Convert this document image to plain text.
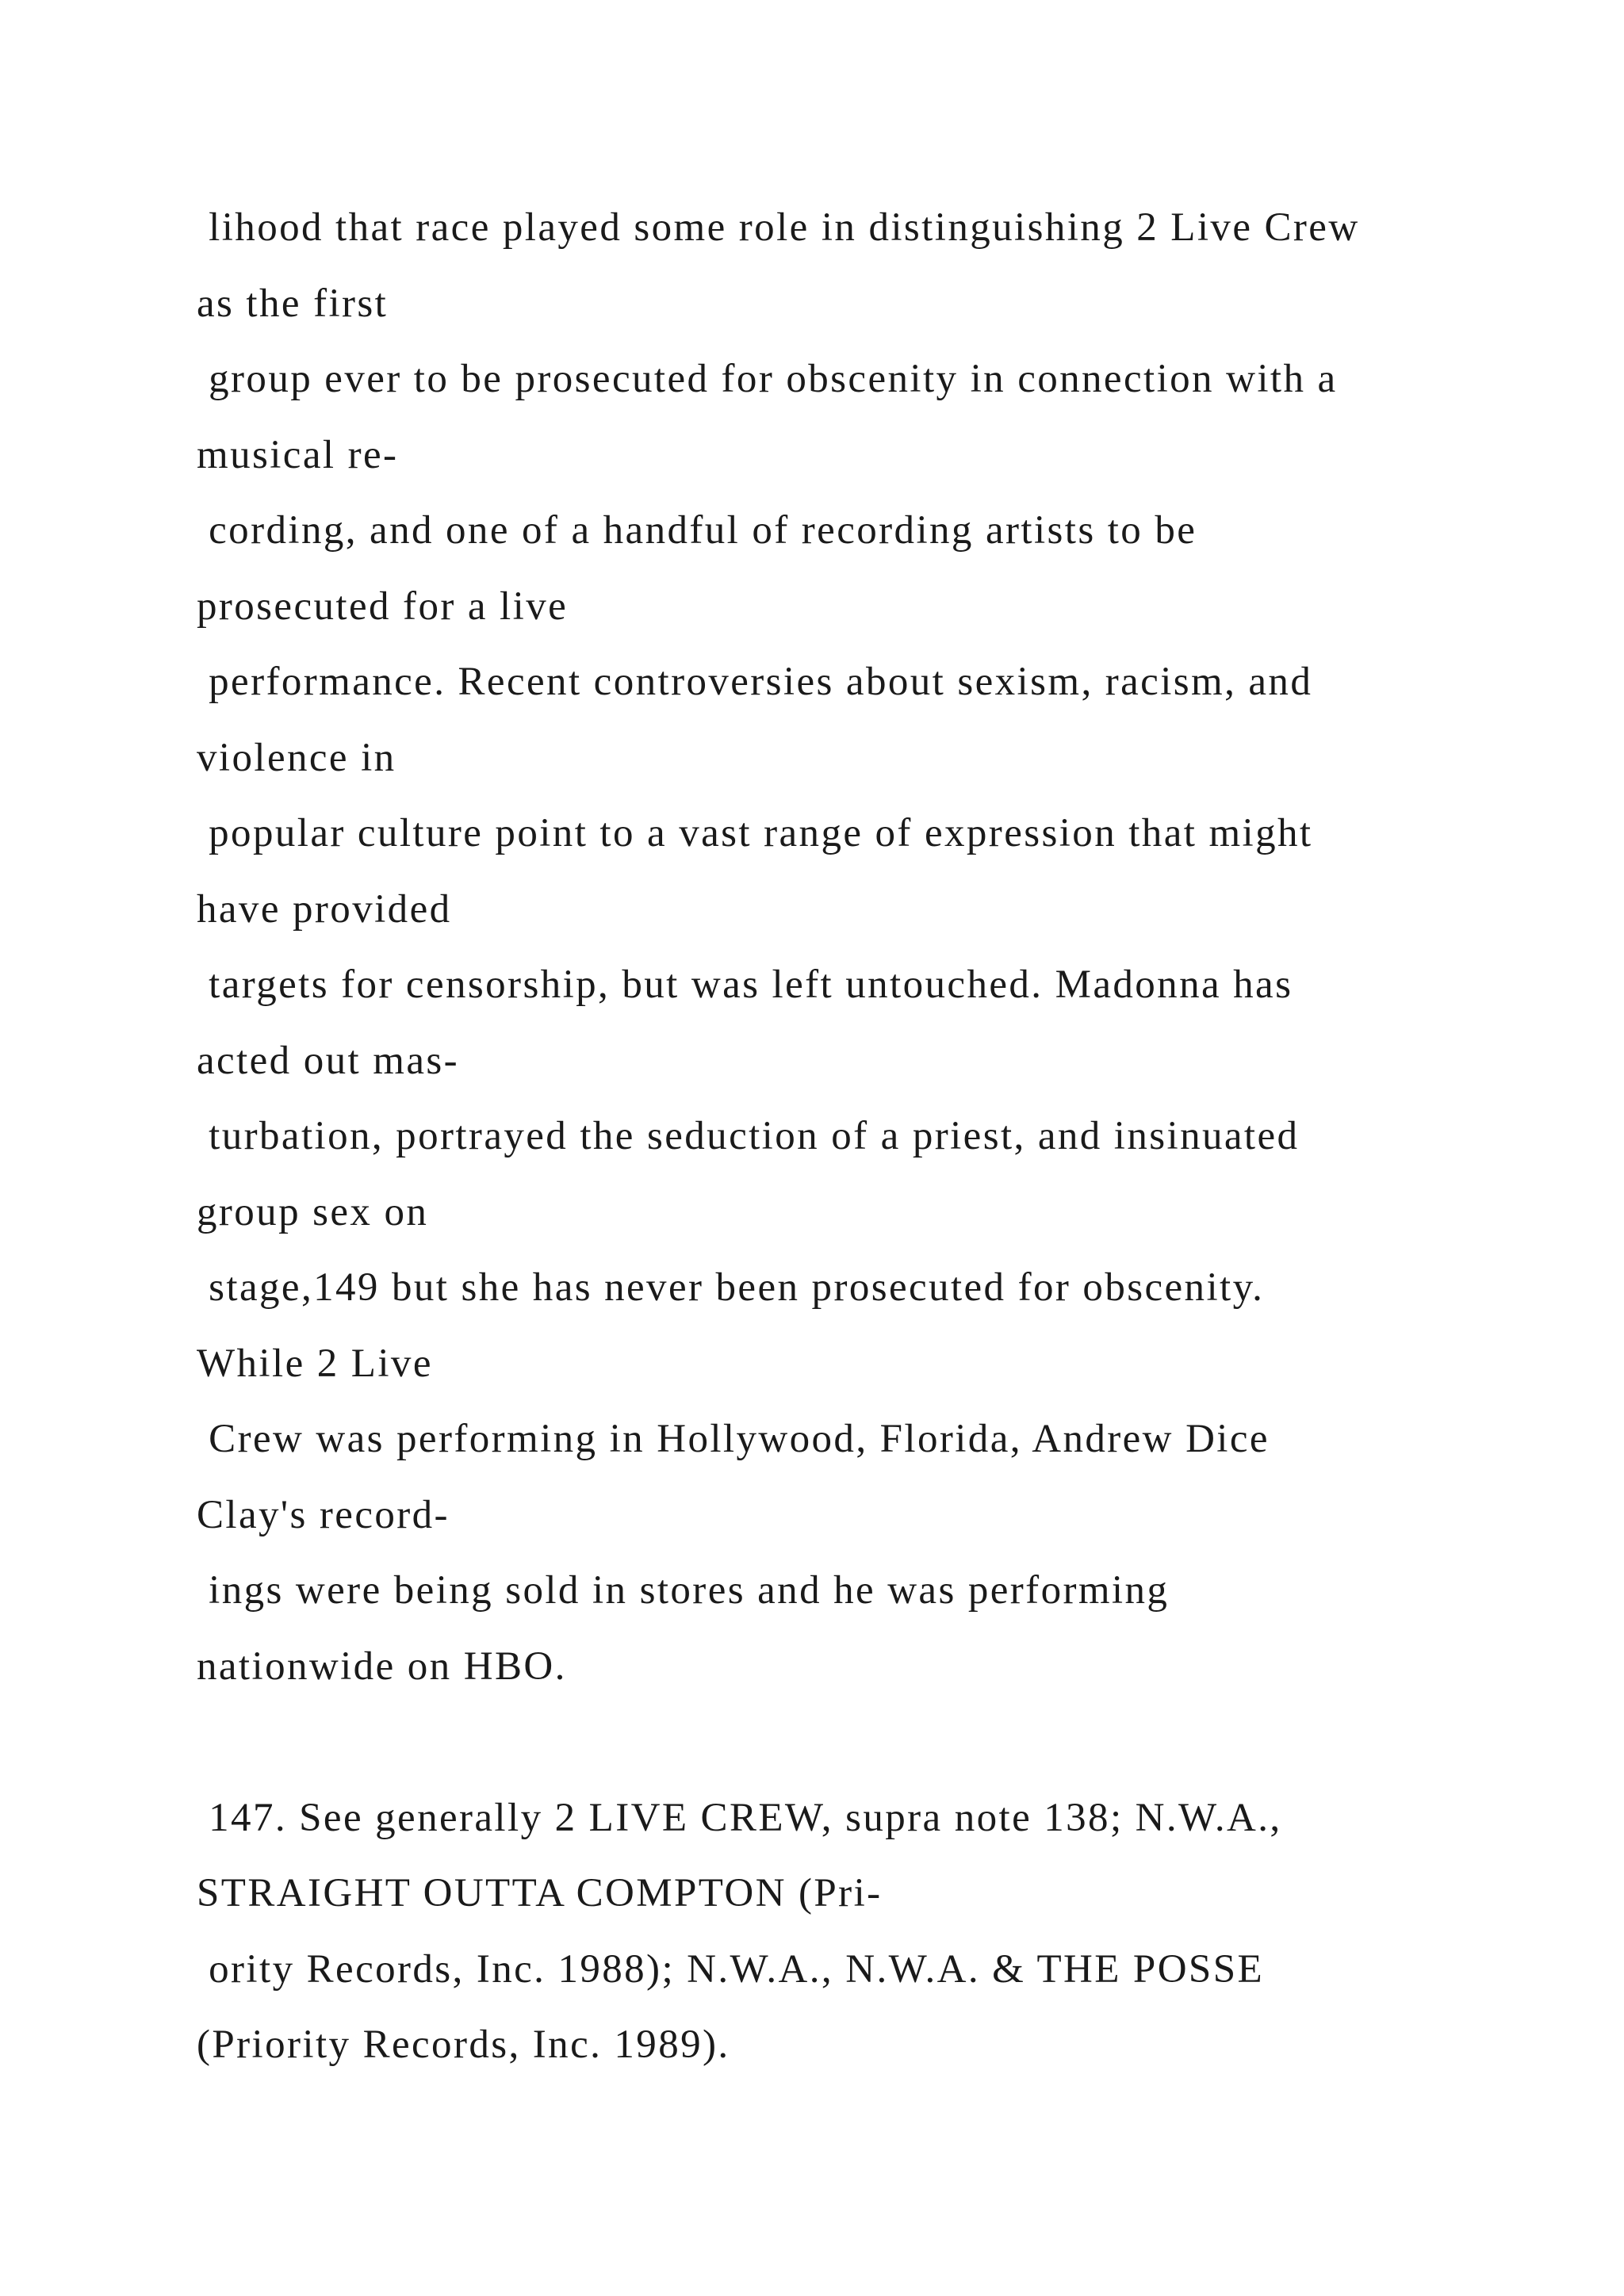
lihood that race played some role in distinguishing 2 Live Crew
as the first
group ever to be prosecuted for obscenity in connection with a
musical re-
cording, and one of a handful of recording artists to be
prosecuted for a live
performance. Recent controversies about sexism, racism, and
violence in
popular culture point to a vast range of expression that might
have provided
targets for censorship, but was left untouched. Madonna has
acted out mas-
turbation, portrayed the seduction of a priest, and insinuated
group sex on
stage,149 but she has never been prosecuted for obscenity.
While 2 Live
Crew was performing in Hollywood, Florida, Andrew Dice
Clay's record-
ings were being sold in stores and he was performing
nationwide on HBO.
147. See generally 2 LIVE CREW, supra note 138; N.W.A.,
STRAIGHT OUTTA COMPTON (Pri-
ority Records, Inc. 1988); N.W.A., N.W.A. & THE POSSE
(Priority Records, Inc. 1989).
